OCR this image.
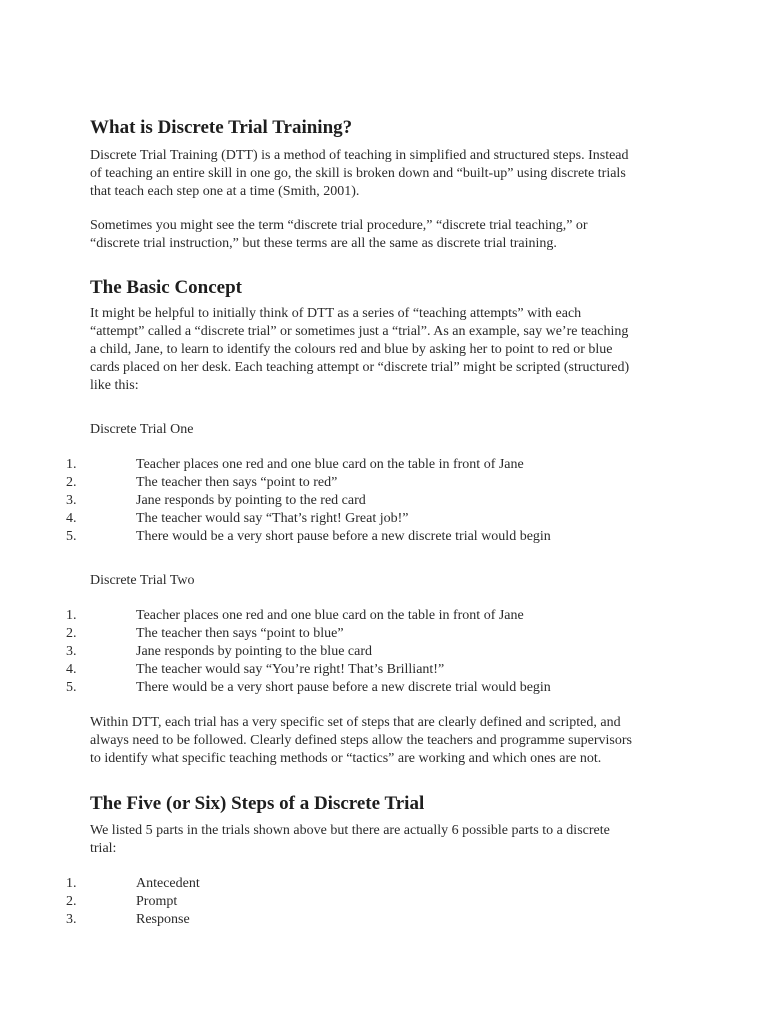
What is Discrete Trial Training?
Discrete Trial Training (DTT) is a method of teaching in simplified and structured steps. Instead
of teaching an entire skill in one go, the skill is broken down and “built-up” using discrete trials
that teach each step one at a time (Smith, 2001).
Sometimes you might see the term “discrete trial procedure,” “discrete trial teaching,” or
“discrete trial instruction,” but these terms are all the same as discrete trial training.
The Basic Concept
It might be helpful to initially think of DTT as a series of “teaching attempts” with each
“attempt” called a “discrete trial” or sometimes just a “trial”. As an example, say we’re teaching
a child, Jane, to learn to identify the colours red and blue by asking her to point to red or blue
cards placed on her desk. Each teaching attempt or “discrete trial” might be scripted (structured)
like this:
Discrete Trial One
1.	Teacher places one red and one blue card on the table in front of Jane
2.	The teacher then says “point to red”
3.	Jane responds by pointing to the red card
4.	The teacher would say “That’s right! Great job!”
5.	There would be a very short pause before a new discrete trial would begin
Discrete Trial Two
1.	Teacher places one red and one blue card on the table in front of Jane
2.	The teacher then says “point to blue”
3.	Jane responds by pointing to the blue card
4.	The teacher would say “You’re right! That’s Brilliant!”
5.	There would be a very short pause before a new discrete trial would begin
Within DTT, each trial has a very specific set of steps that are clearly defined and scripted, and
always need to be followed. Clearly defined steps allow the teachers and programme supervisors
to identify what specific teaching methods or “tactics” are working and which ones are not.
The Five (or Six) Steps of a Discrete Trial
We listed 5 parts in the trials shown above but there are actually 6 possible parts to a discrete
trial:
1.	Antecedent
2.	Prompt
3.	Response
